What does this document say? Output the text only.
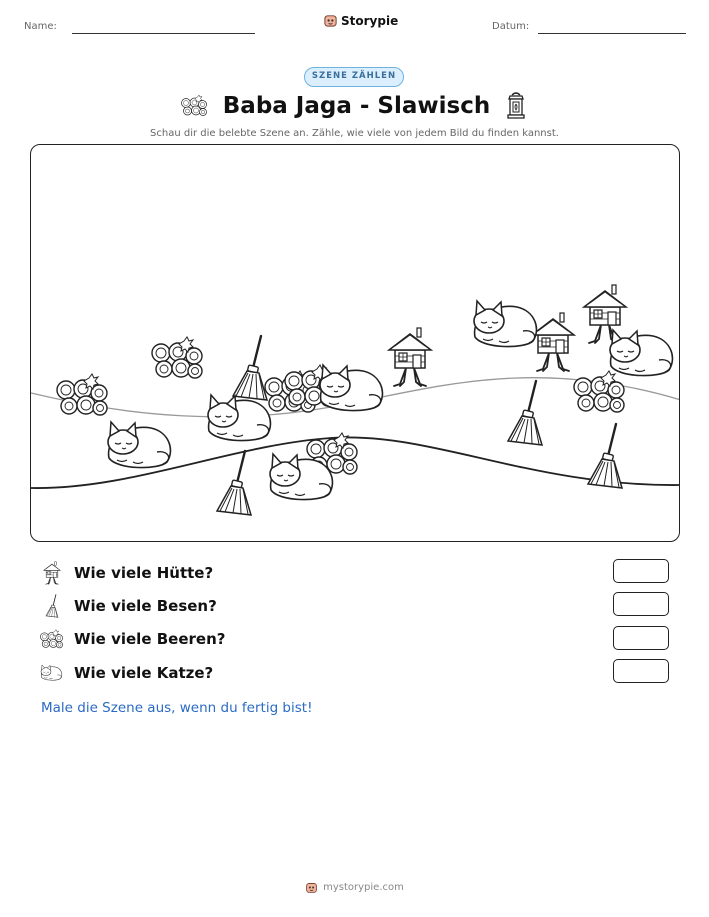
Name:	Storypie	Datum:
SZENE ZÄHLEN
Baba Jaga - Slawisch
Schau dir die belebte Szene an. Zähle, wie viele von jedem Bild du finden kannst.
Wie viele Hütte?
Wie viele Besen?
Wie viele Beeren?
Wie viele Katze?
Male die Szene aus, wenn du fertig bist!
mystorypie.com
